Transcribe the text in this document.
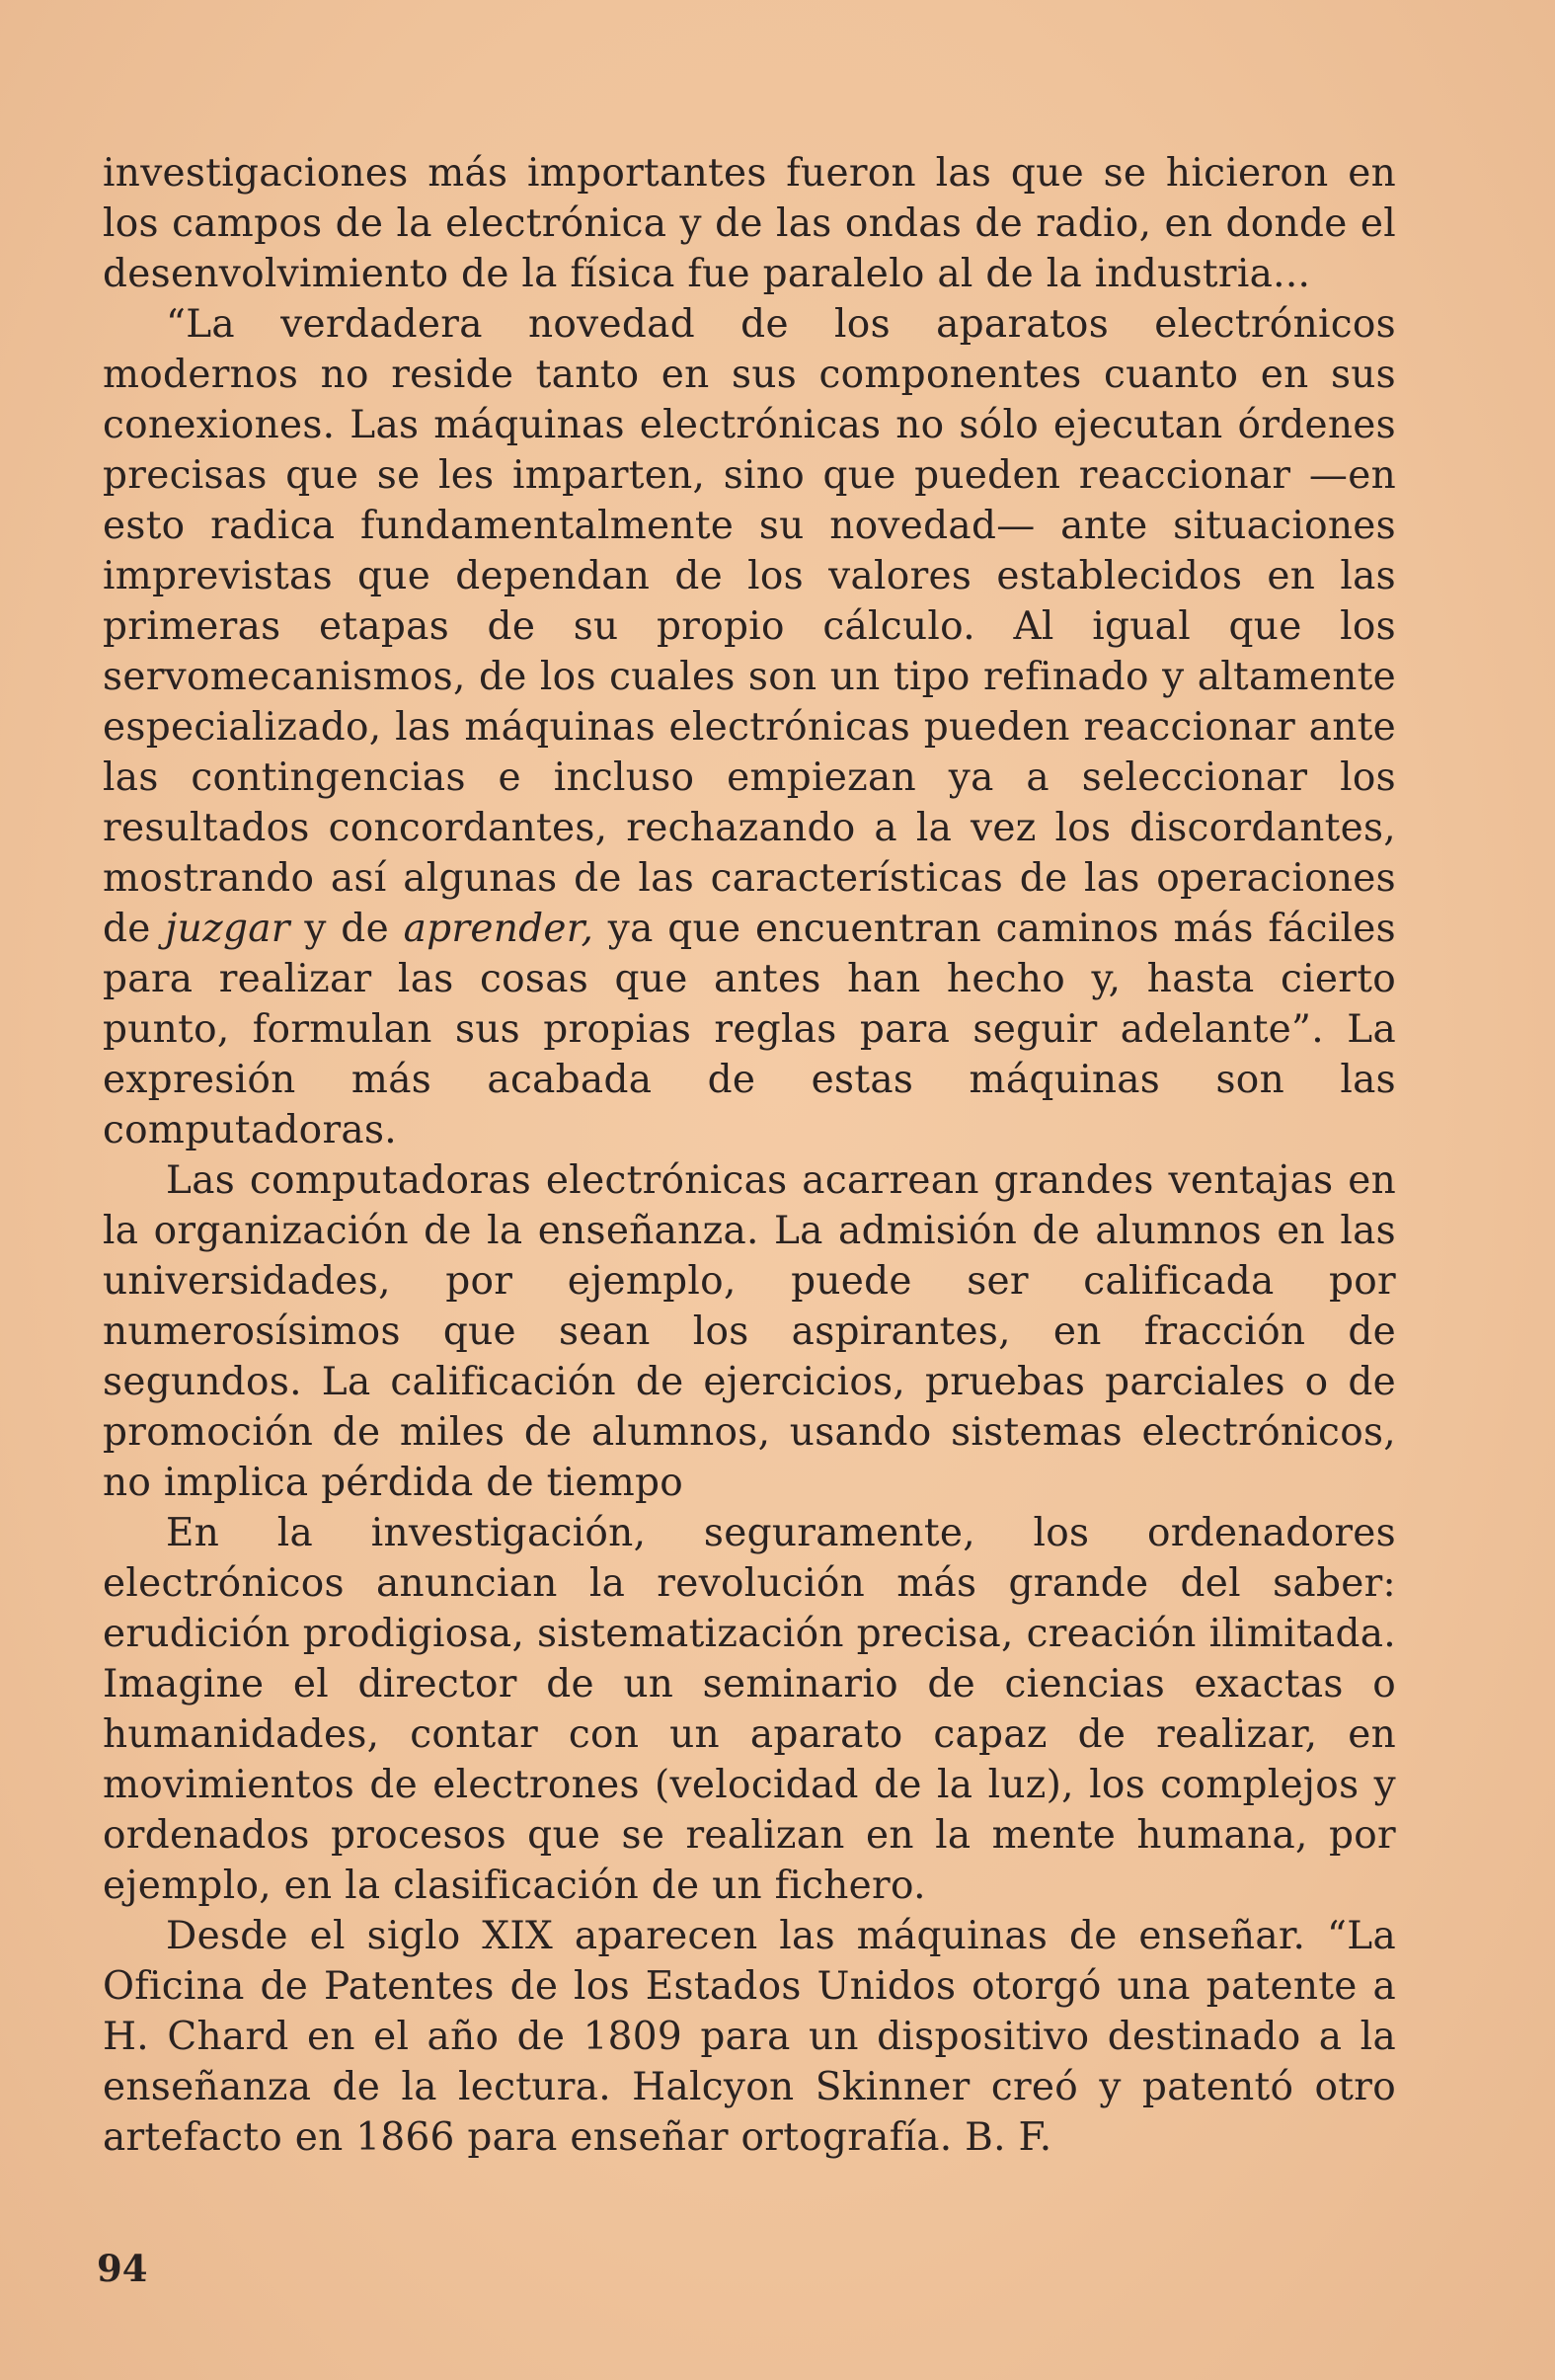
investigaciones más importantes fueron las que se hicieron en los campos de la electrónica y de las ondas de radio, en donde el desenvolvimiento de la física fue paralelo al de la industria...

“La verdadera novedad de los aparatos electrónicos modernos no reside tanto en sus componentes cuanto en sus conexiones. Las máquinas electrónicas no sólo ejecutan órdenes precisas que se les imparten, sino que pueden reaccionar —en esto radica fundamentalmente su novedad— ante situaciones imprevistas que dependan de los valores establecidos en las primeras etapas de su propio cálculo. Al igual que los servomecanismos, de los cuales son un tipo refinado y altamente especializado, las máquinas electrónicas pueden reaccionar ante las contingencias e incluso empiezan ya a seleccionar los resultados concordantes, rechazando a la vez los discordantes, mostrando así algunas de las características de las operaciones de juzgar y de aprender, ya que encuentran caminos más fáciles para realizar las cosas que antes han hecho y, hasta cierto punto, formulan sus propias reglas para seguir adelante”. La expresión más acabada de estas máquinas son las computadoras.

Las computadoras electrónicas acarrean grandes ventajas en la organización de la enseñanza. La admisión de alumnos en las universidades, por ejemplo, puede ser calificada por numerosísimos que sean los aspirantes, en fracción de segundos. La calificación de ejercicios, pruebas parciales o de promoción de miles de alumnos, usando sistemas electrónicos, no implica pérdida de tiempo

En la investigación, seguramente, los ordenadores electrónicos anuncian la revolución más grande del saber: erudición prodigiosa, sistematización precisa, creación ilimitada. Imagine el director de un seminario de ciencias exactas o humanidades, contar con un aparato capaz de realizar, en movimientos de electrones (velocidad de la luz), los complejos y ordenados procesos que se realizan en la mente humana, por ejemplo, en la clasificación de un fichero.

Desde el siglo XIX aparecen las máquinas de enseñar. “La Oficina de Patentes de los Estados Unidos otorgó una patente a H. Chard en el año de 1809 para un dispositivo destinado a la enseñanza de la lectura. Halcyon Skinner creó y patentó otro artefacto en 1866 para enseñar ortografía. B. F.

94
